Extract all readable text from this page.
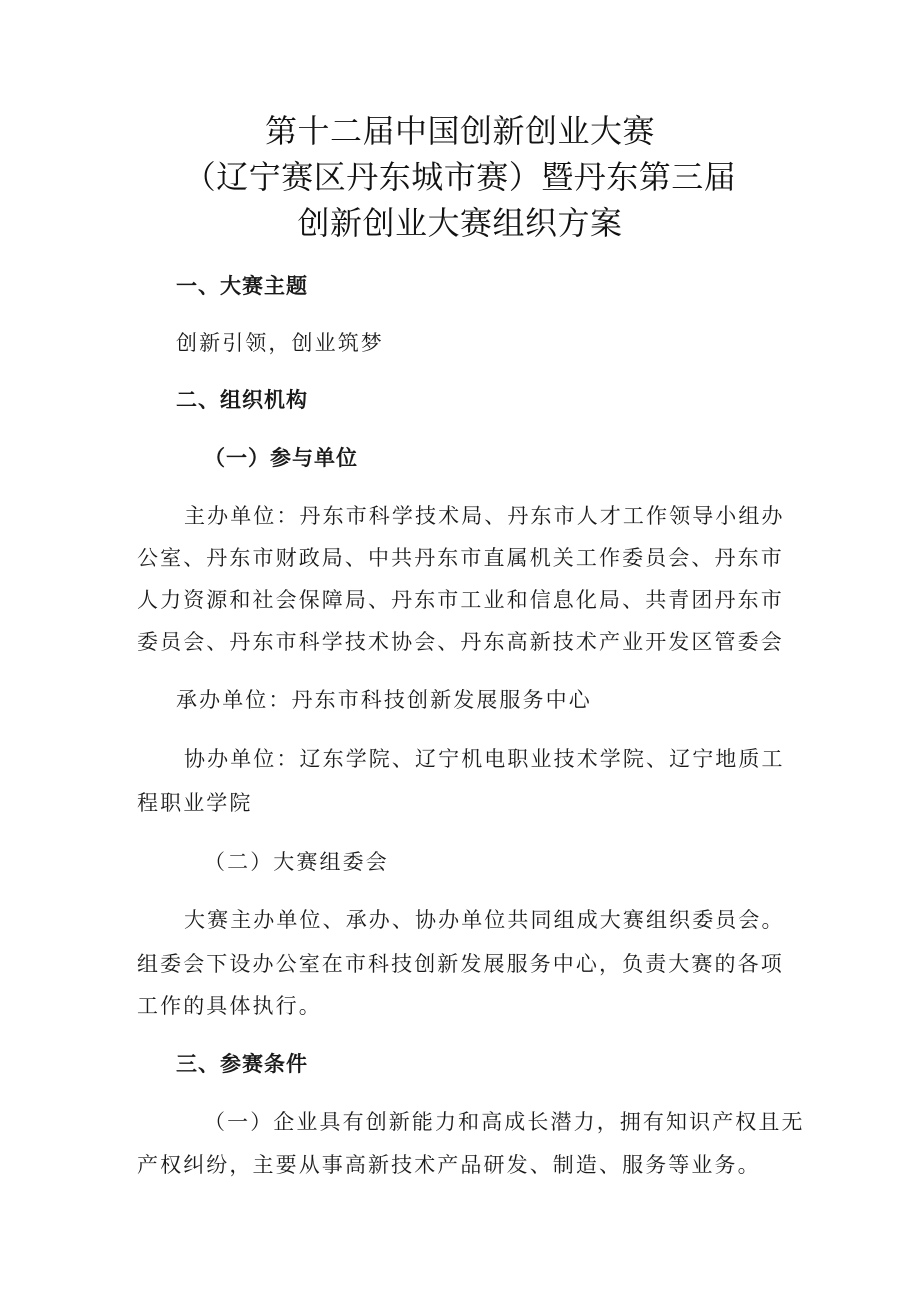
第十二届中国创新创业大赛
（辽宁赛区丹东城市赛）暨丹东第三届
创新创业大赛组织方案
一、大赛主题
创新引领，创业筑梦
二、组织机构
（一）参与单位
主办单位：丹东市科学技术局、丹东市人才工作领导小组办
公室、丹东市财政局、中共丹东市直属机关工作委员会、丹东市
人力资源和社会保障局、丹东市工业和信息化局、共青团丹东市
委员会、丹东市科学技术协会、丹东高新技术产业开发区管委会
承办单位：丹东市科技创新发展服务中心
协办单位：辽东学院、辽宁机电职业技术学院、辽宁地质工
程职业学院
（二）大赛组委会
大赛主办单位、承办、协办单位共同组成大赛组织委员会。
组委会下设办公室在市科技创新发展服务中心，负责大赛的各项
工作的具体执行。
三、参赛条件
（一）企业具有创新能力和高成长潜力，拥有知识产权且无
产权纠纷，主要从事高新技术产品研发、制造、服务等业务。
